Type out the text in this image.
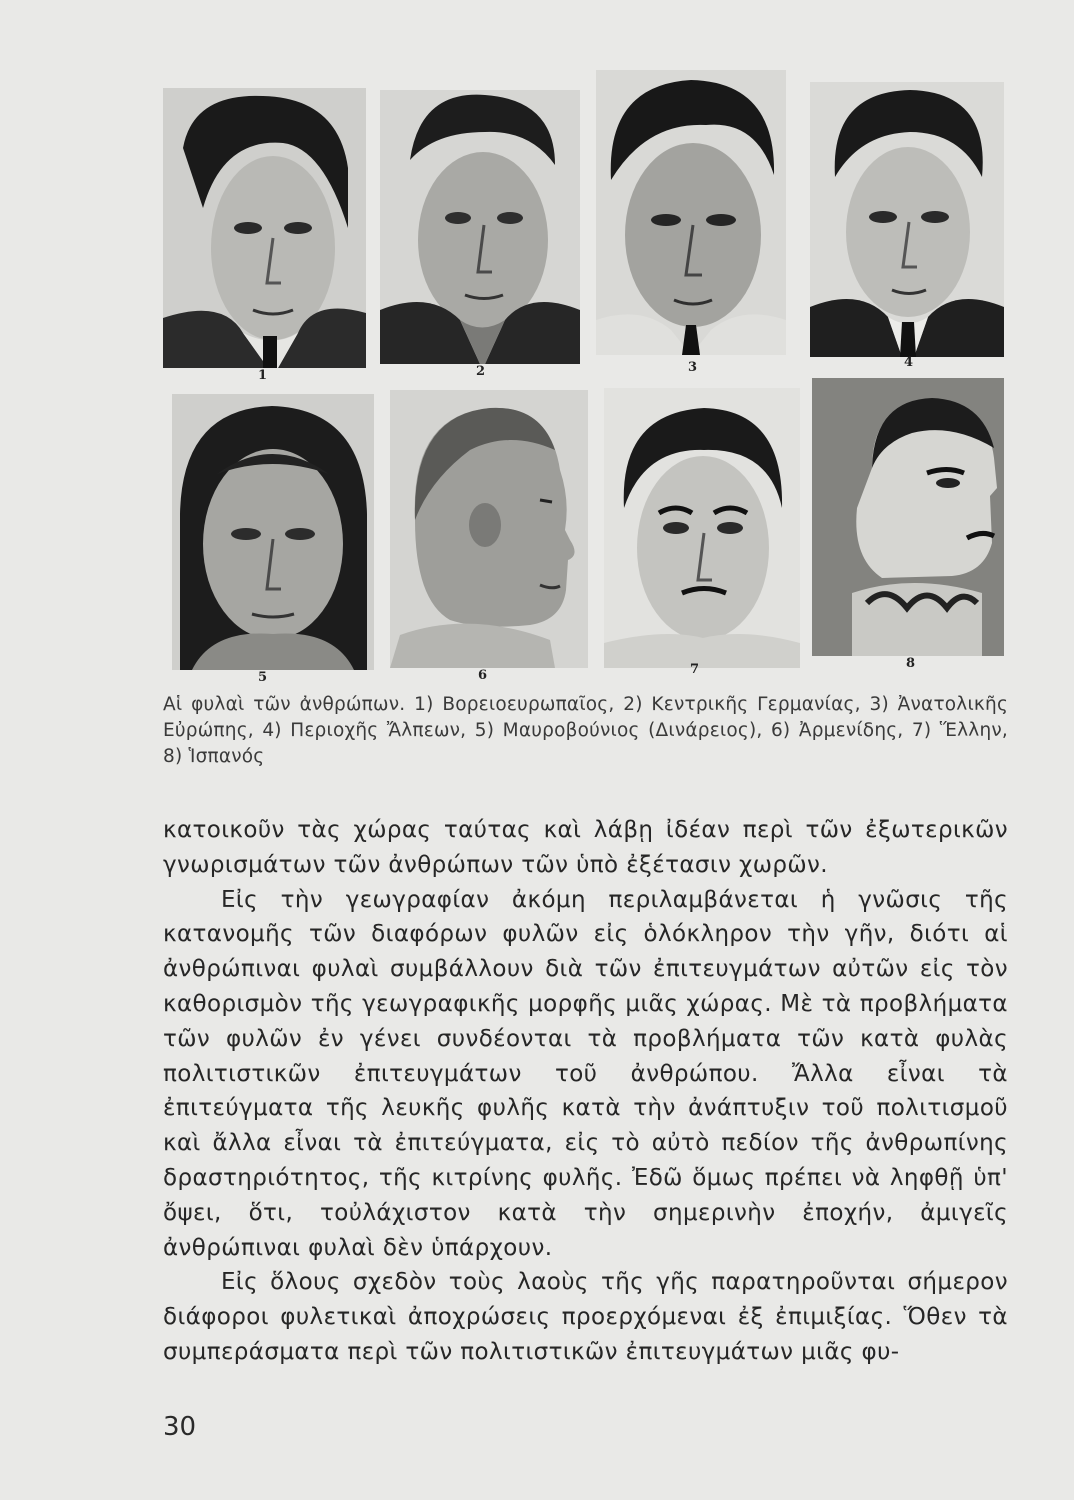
1	2	3	4
5	6	7	8
Αἱ φυλαὶ τῶν ἀνθρώπων. 1) Βορειοευρωπαῖος, 2) Κεντρικῆς Γερμανίας, 3) Ἀνατολικῆς Εὐρώπης, 4) Περιοχῆς Ἄλπεων, 5) Μαυροβούνιος (Δινάρειος), 6) Ἀρμενίδης, 7) Ἕλλην, 8) Ἱσπανός

κατοικοῦν τὰς χώρας ταύτας καὶ λάβῃ ἰδέαν περὶ τῶν ἐξωτερικῶν γνωρισμάτων τῶν ἀνθρώπων τῶν ὑπὸ ἐξέτασιν χωρῶν.

Εἰς τὴν γεωγραφίαν ἀκόμη περιλαμβάνεται ἡ γνῶσις τῆς κατανομῆς τῶν διαφόρων φυλῶν εἰς ὁλόκληρον τὴν γῆν, διότι αἱ ἀνθρώπιναι φυλαὶ συμβάλλουν διὰ τῶν ἐπιτευγμάτων αὐτῶν εἰς τὸν καθορισμὸν τῆς γεωγραφικῆς μορφῆς μιᾶς χώρας. Μὲ τὰ προβλήματα τῶν φυλῶν ἐν γένει συνδέονται τὰ προβλήματα τῶν κατὰ φυλὰς πολιτιστικῶν ἐπιτευγμάτων τοῦ ἀνθρώπου. Ἄλλα εἶναι τὰ ἐπιτεύγματα τῆς λευκῆς φυλῆς κατὰ τὴν ἀνάπτυξιν τοῦ πολιτισμοῦ καὶ ἄλλα εἶναι τὰ ἐπιτεύγματα, εἰς τὸ αὐτὸ πεδίον τῆς ἀνθρωπίνης δραστηριότητος, τῆς κιτρίνης φυλῆς. Ἐδῶ ὅμως πρέπει νὰ ληφθῇ ὑπ' ὄψει, ὅτι, τοὐλάχιστον κατὰ τὴν σημερινὴν ἐποχήν, ἀμιγεῖς ἀνθρώπιναι φυλαὶ δὲν ὑπάρχουν.

Εἰς ὅλους σχεδὸν τοὺς λαοὺς τῆς γῆς παρατηροῦνται σήμερον διάφοροι φυλετικαὶ ἀποχρώσεις προερχόμεναι ἐξ ἐπιμιξίας. Ὅθεν τὰ συμπεράσματα περὶ τῶν πολιτιστικῶν ἐπιτευγμάτων μιᾶς φυ-

30
